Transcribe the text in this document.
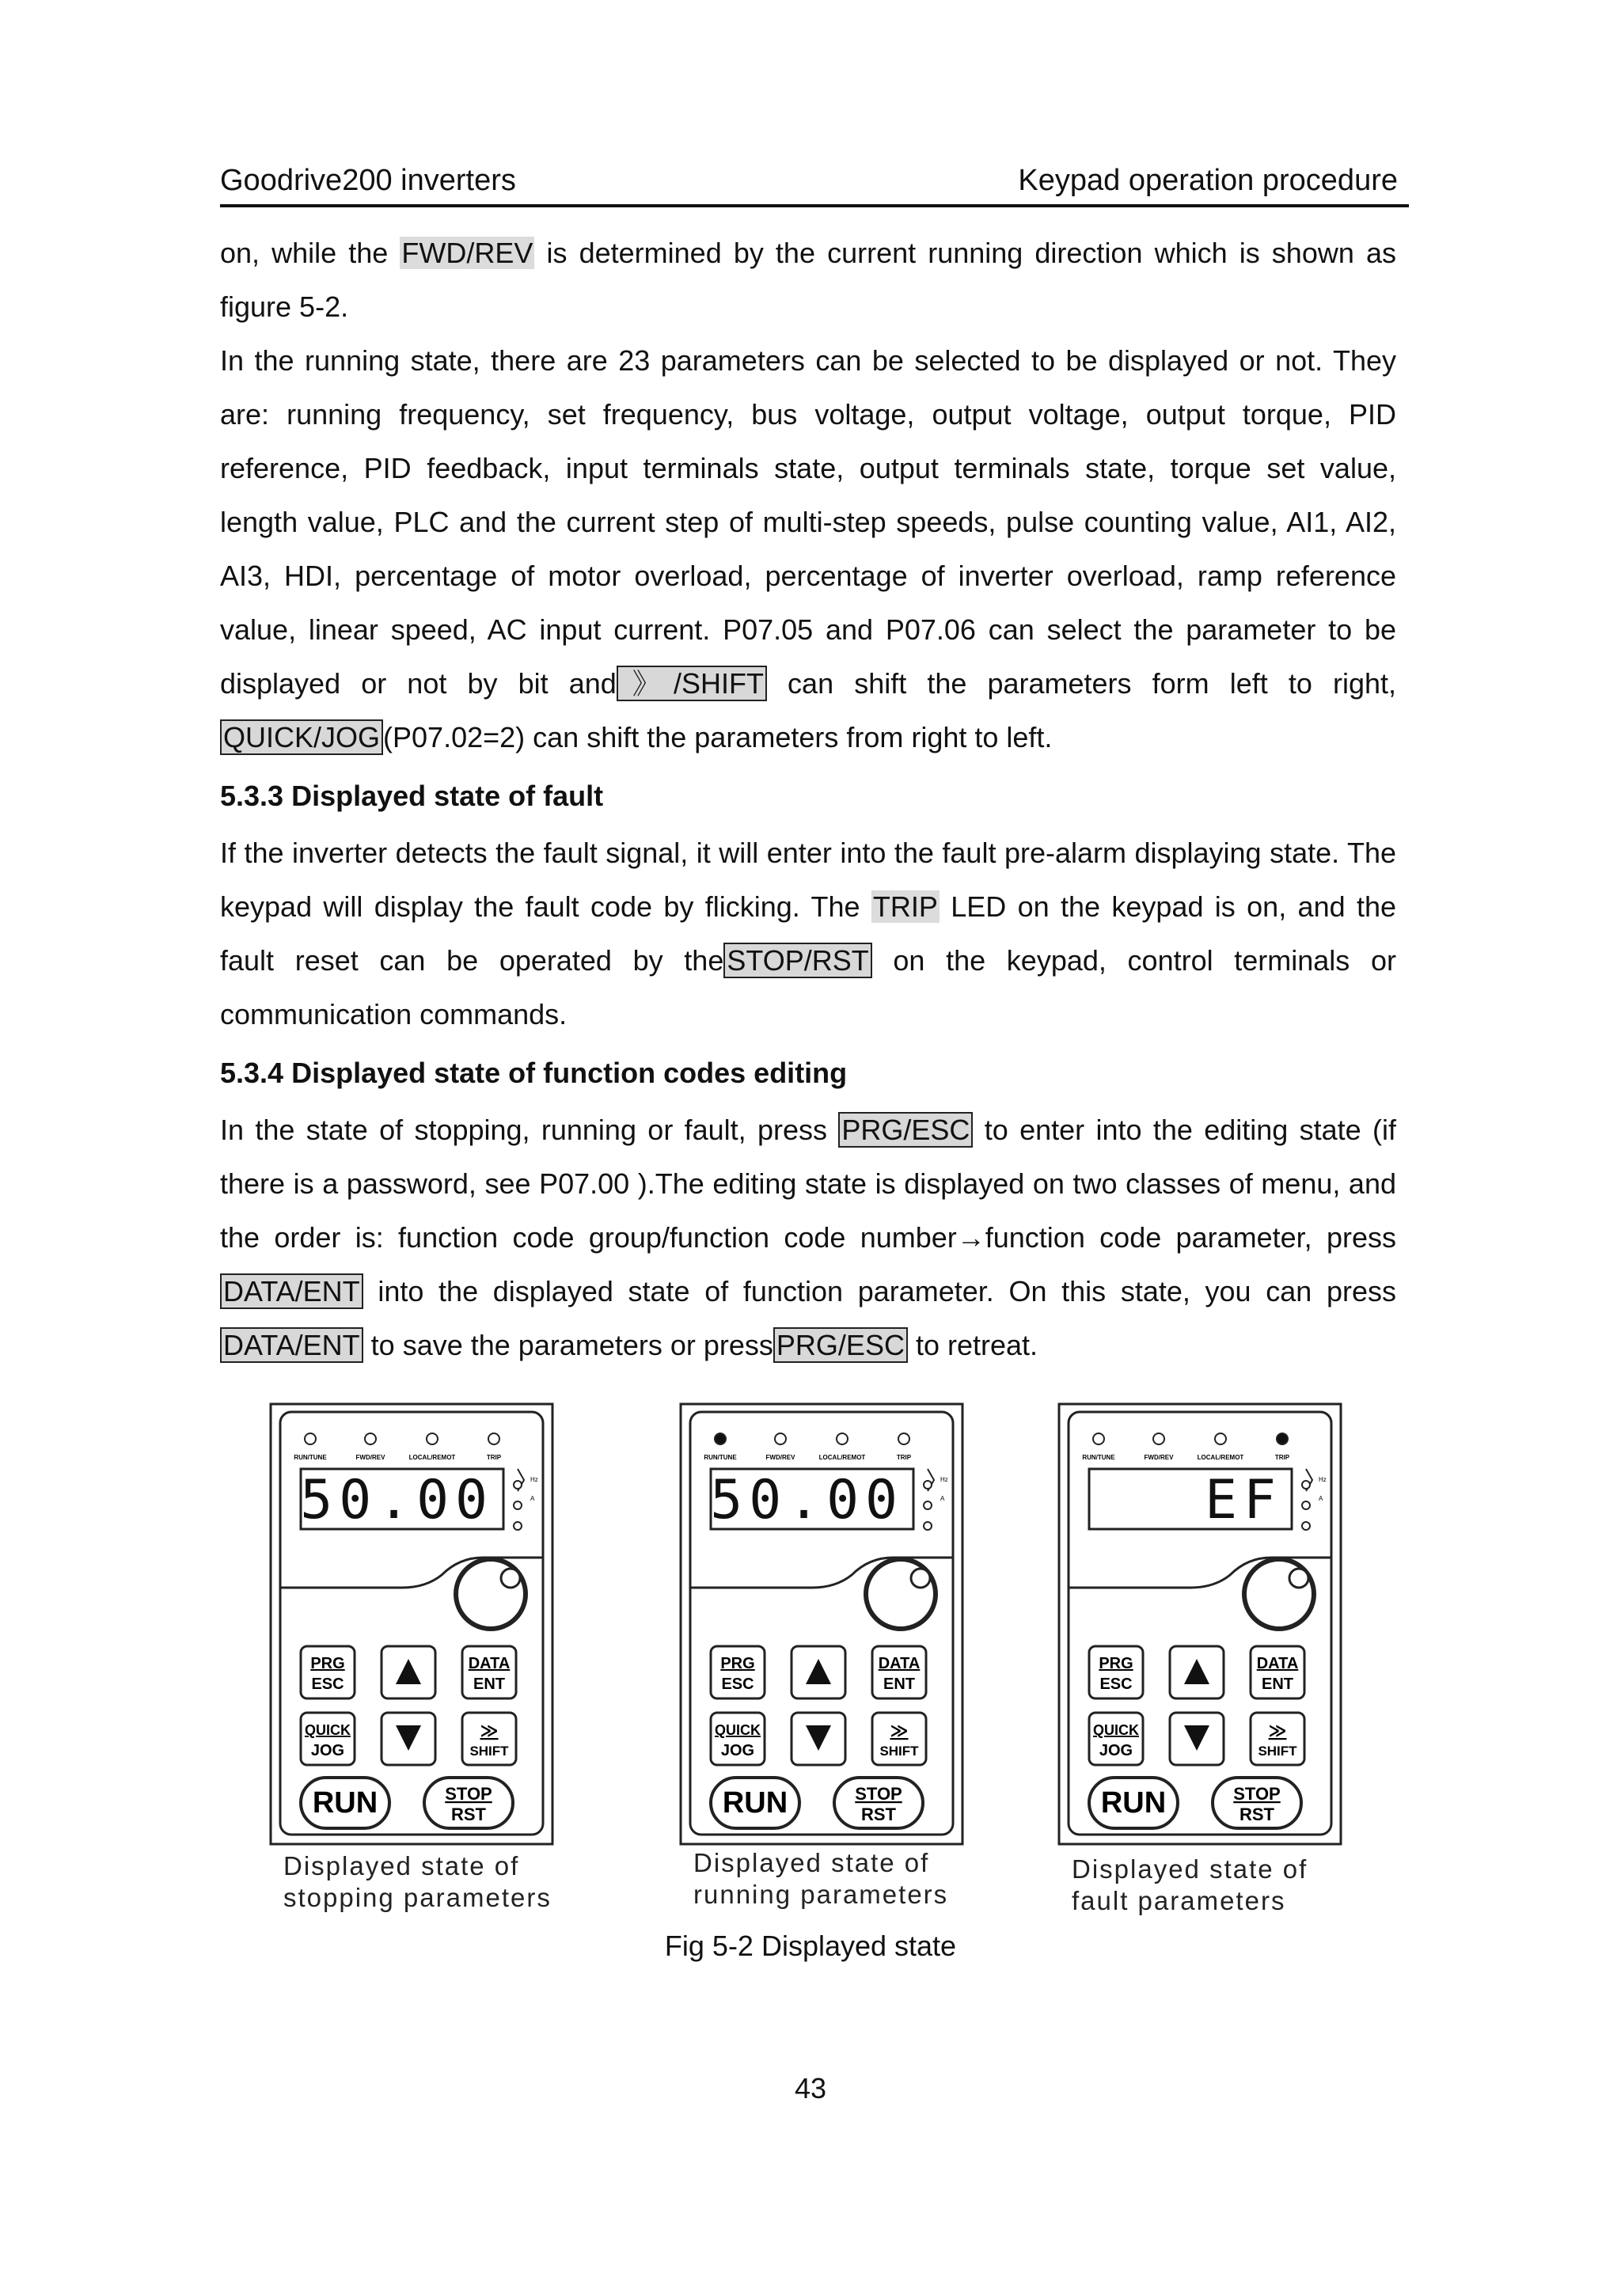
Goodrive200 inverters	Keypad operation procedure

on, while the FWD/REV is determined by the current running direction which is shown as figure 5-2.

In the running state, there are 23 parameters can be selected to be displayed or not. They are: running frequency, set frequency, bus voltage, output voltage, output torque, PID reference, PID feedback, input terminals state, output terminals state, torque set value, length value, PLC and the current step of multi-step speeds, pulse counting value, AI1, AI2, AI3, HDI, percentage of motor overload, percentage of inverter overload, ramp reference value, linear speed, AC input current. P07.05 and P07.06 can select the parameter to be displayed or not by bit and 》/SHIFT can shift the parameters form left to right, QUICK/JOG (P07.02=2) can shift the parameters from right to left.

5.3.3 Displayed state of fault

If the inverter detects the fault signal, it will enter into the fault pre-alarm displaying state. The keypad will display the fault code by flicking. The TRIP LED on the keypad is on, and the fault reset can be operated by the STOP/RST on the keypad, control terminals or communication commands.

5.3.4 Displayed state of function codes editing

In the state of stopping, running or fault, press PRG/ESC to enter into the editing state (if there is a password, see P07.00 ).The editing state is displayed on two classes of menu, and the order is: function code group/function code number→function code parameter, press DATA/ENT into the displayed state of function parameter. On this state, you can press DATA/ENT to save the parameters or press PRG/ESC to retreat.

RUN/TUNE	FWD/REV	LOCAL/REMOT	TRIP
50.00	Hz
A
PRG
ESC
DATA
ENT
QUICK
JOG
≫
SHIFT
RUN	STOP
RST
Displayed state of
stopping parameters
RUN/TUNE	FWD/REV	LOCAL/REMOT	TRIP
50.00	Hz
A
PRG
ESC
DATA
ENT
QUICK
JOG
≫
SHIFT
RUN	STOP
RST
Displayed state of
running parameters
RUN/TUNE	FWD/REV	LOCAL/REMOT	TRIP
EF	Hz
A
PRG
ESC
DATA
ENT
QUICK
JOG
≫
SHIFT
RUN	STOP
RST
Displayed state of
fault parameters
Fig 5-2 Displayed state
43
